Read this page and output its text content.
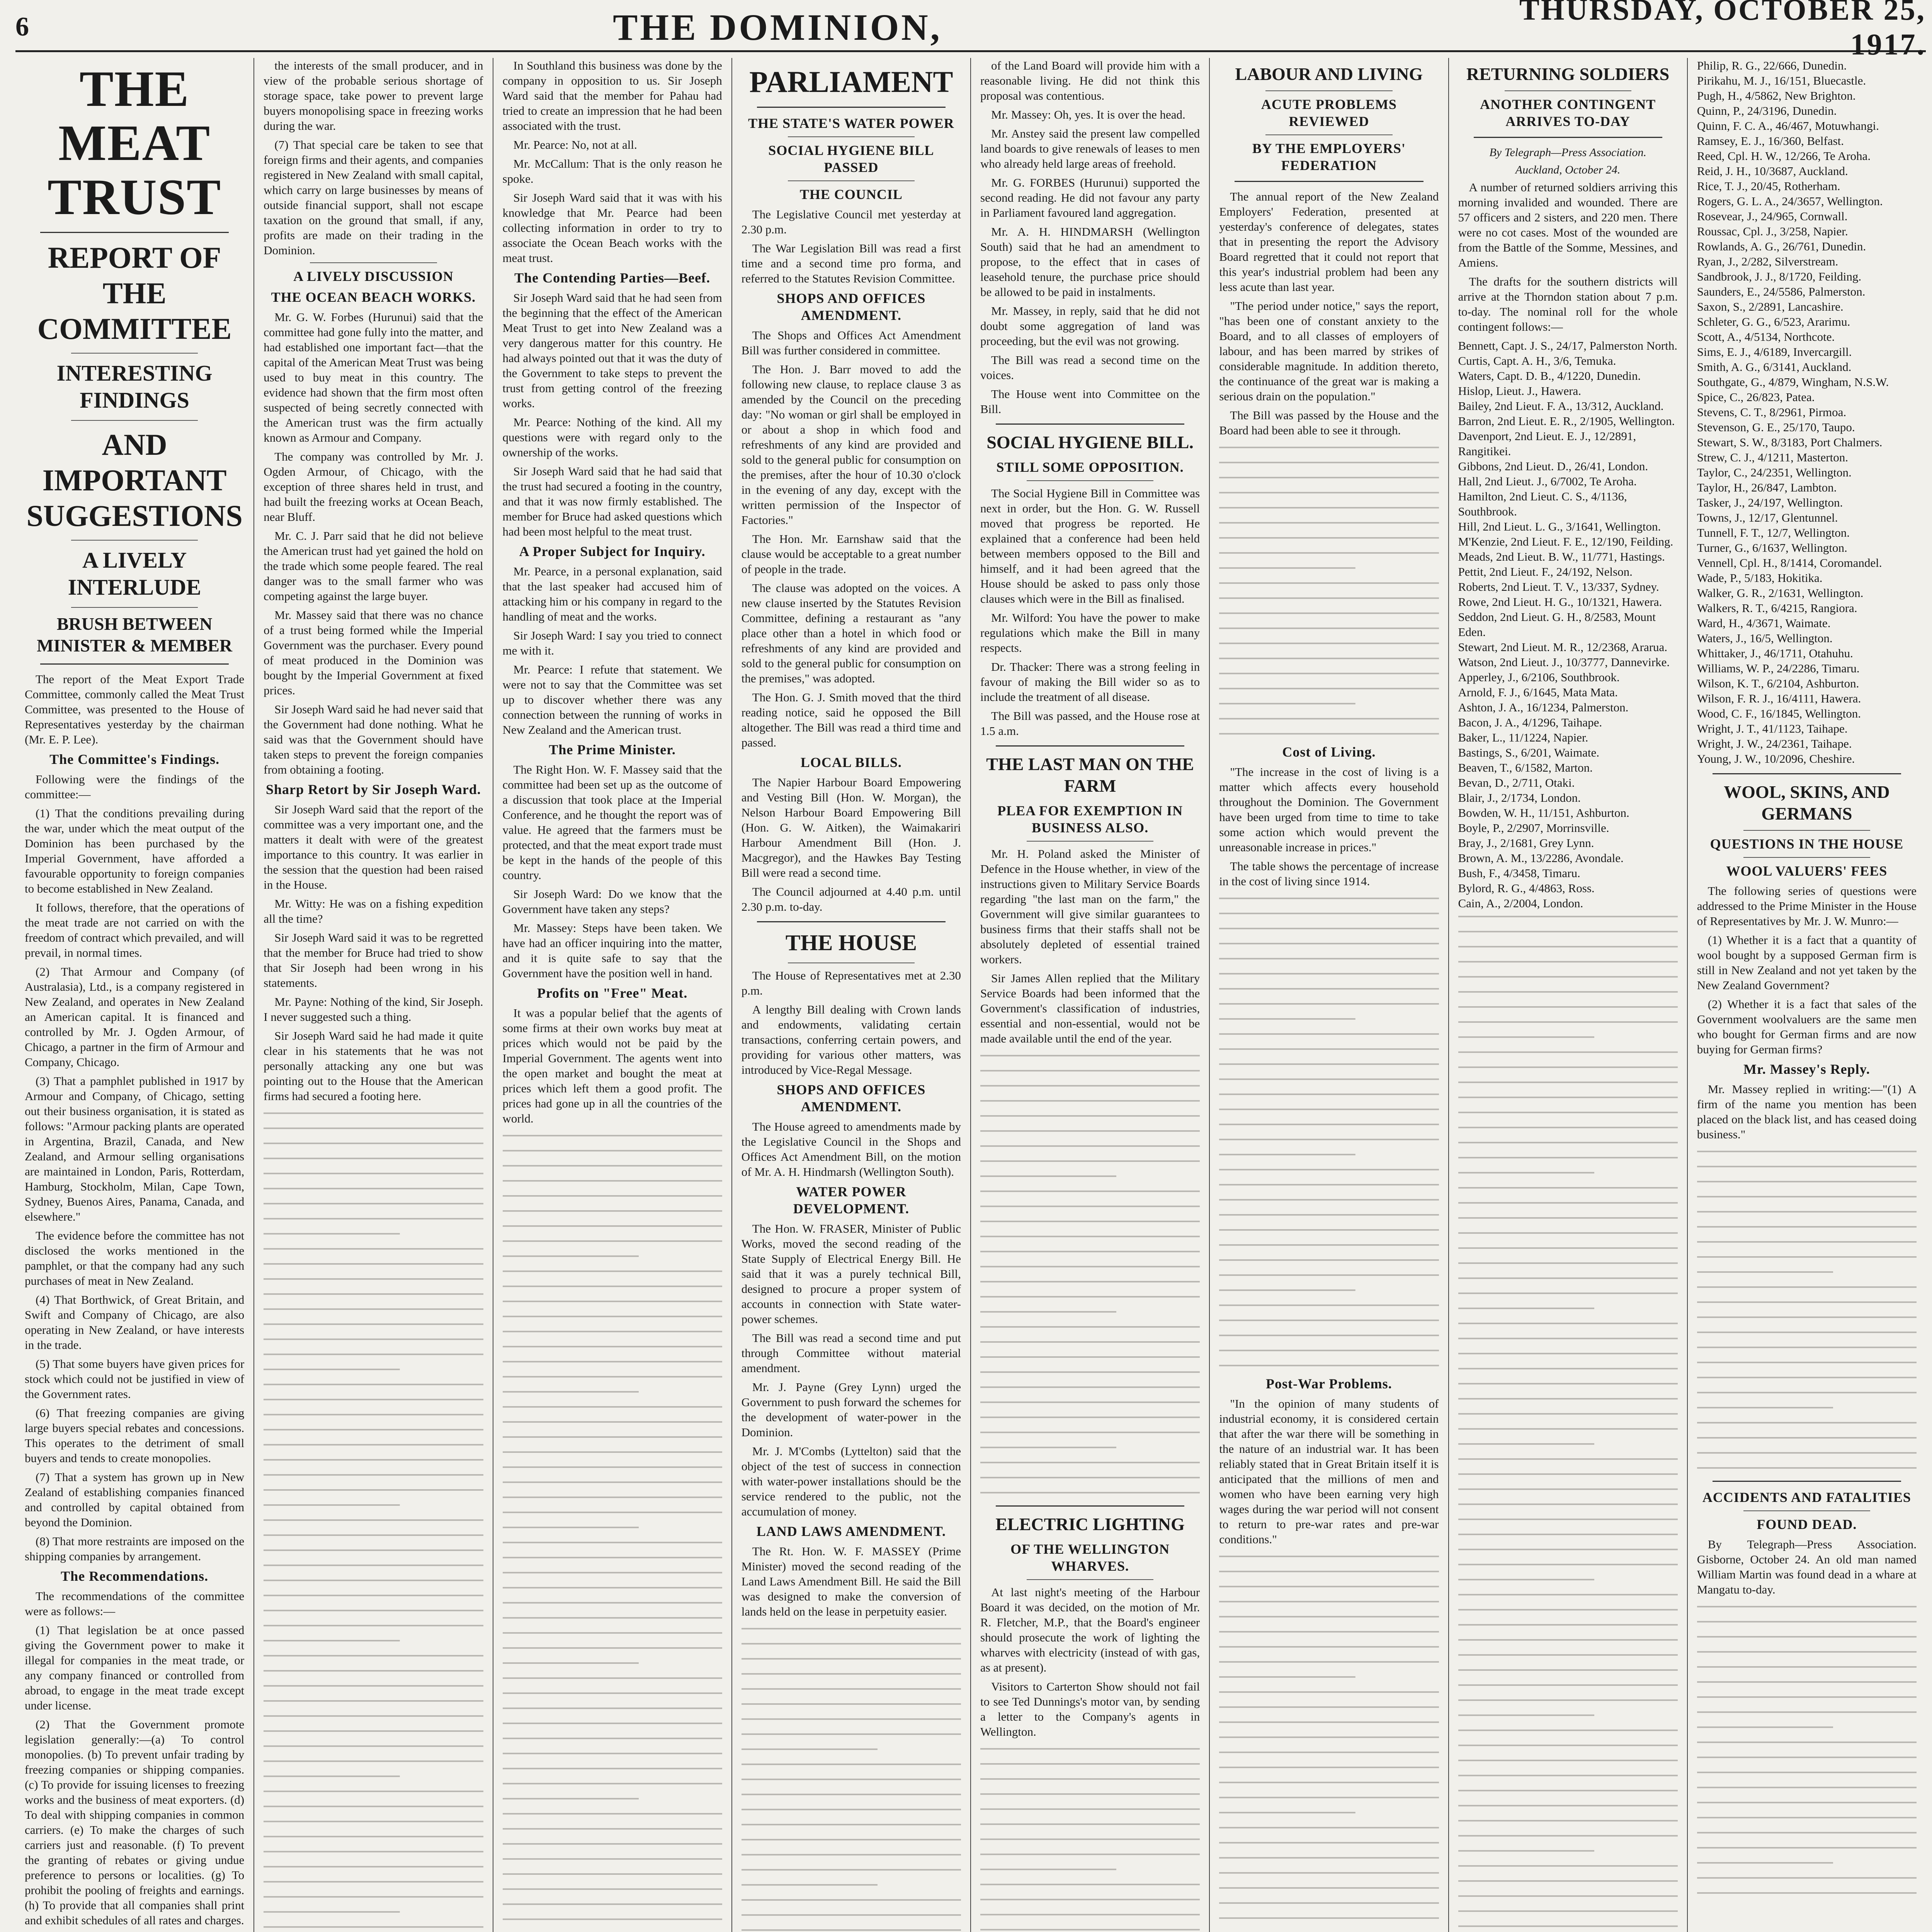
6	THE DOMINION,	THURSDAY, OCTOBER 25, 1917.
THE MEAT TRUST
REPORT OF THE COMMITTEE
INTERESTING FINDINGS
AND IMPORTANT SUGGESTIONS
A LIVELY INTERLUDE
BRUSH BETWEEN MINISTER & MEMBER

The report of the Meat Export Trade Committee, commonly called the Meat Trust Committee, was presented to the House of Representatives yesterday by the chairman (Mr. E. P. Lee).

The Committee's Findings.

Following were the findings of the committee:—

(1) That the conditions prevailing during the war, under which the meat output of the Dominion has been purchased by the Imperial Government, have afforded a favourable opportunity to foreign companies to become established in New Zealand.

It follows, therefore, that the operations of the meat trade are not carried on with the freedom of contract which prevailed, and will prevail, in normal times.

(2) That Armour and Company (of Australasia), Ltd., is a company registered in New Zealand, and operates in New Zealand an American capital. It is financed and controlled by Mr. J. Ogden Armour, of Chicago, a partner in the firm of Armour and Company, Chicago.

(3) That a pamphlet published in 1917 by Armour and Company, of Chicago, setting out their business organisation, it is stated as follows: "Armour packing plants are operated in Argentina, Brazil, Canada, and New Zealand, and Armour selling organisations are maintained in London, Paris, Rotterdam, Hamburg, Stockholm, Milan, Cape Town, Sydney, Buenos Aires, Panama, Canada, and elsewhere."

The evidence before the committee has not disclosed the works mentioned in the pamphlet, or that the company had any such purchases of meat in New Zealand.

(4) That Borthwick, of Great Britain, and Swift and Company of Chicago, are also operating in New Zealand, or have interests in the trade.

(5) That some buyers have given prices for stock which could not be justified in view of the Government rates.

(6) That freezing companies are giving large buyers special rebates and concessions. This operates to the detriment of small buyers and tends to create monopolies.

(7) That a system has grown up in New Zealand of establishing companies financed and controlled by capital obtained from beyond the Dominion.

(8) That more restraints are imposed on the shipping companies by arrangement.

The Recommendations.

The recommendations of the committee were as follows:—

(1) That legislation be at once passed giving the Government power to make it illegal for companies in the meat trade, or any company financed or controlled from abroad, to engage in the meat trade except under license.

(2) That the Government promote legislation generally:—(a) To control monopolies. (b) To prevent unfair trading by freezing companies or shipping companies. (c) To provide for issuing licenses to freezing works and the business of meat exporters. (d) To deal with shipping companies in common carriers. (e) To make the charges of such carriers just and reasonable. (f) To prevent the granting of rebates or giving undue preference to persons or localities. (g) To prohibit the pooling of freights and earnings. (h) To provide that all companies shall print and exhibit schedules of all rates and charges.

the interests of the small producer, and in view of the probable serious shortage of storage space, take power to prevent large buyers monopolising space in freezing works during the war.

(7) That special care be taken to see that foreign firms and their agents, and companies registered in New Zealand with small capital, which carry on large businesses by means of outside financial support, shall not escape taxation on the ground that small, if any, profits are made on their trading in the Dominion.

A LIVELY DISCUSSION
THE OCEAN BEACH WORKS.

Mr. G. W. Forbes (Hurunui) said that the committee had gone fully into the matter, and had established one important fact—that the capital of the American Meat Trust was being used to buy meat in this country. The evidence had shown that the firm most often suspected of being secretly connected with the American trust was the firm actually known as Armour and Company.

The company was controlled by Mr. J. Ogden Armour, of Chicago, with the exception of three shares held in trust, and had built the freezing works at Ocean Beach, near Bluff.

Mr. C. J. Parr said that he did not believe the American trust had yet gained the hold on the trade which some people feared. The real danger was to the small farmer who was competing against the large buyer.

Mr. Massey said that there was no chance of a trust being formed while the Imperial Government was the purchaser. Every pound of meat produced in the Dominion was bought by the Imperial Government at fixed prices.

Sir Joseph Ward said he had never said that the Government had done nothing. What he said was that the Government should have taken steps to prevent the foreign companies from obtaining a footing.

Sharp Retort by Sir Joseph Ward.

Sir Joseph Ward said that the report of the committee was a very important one, and the matters it dealt with were of the greatest importance to this country. It was earlier in the session that the question had been raised in the House.

Mr. Witty: He was on a fishing expedition all the time?

Sir Joseph Ward said it was to be regretted that the member for Bruce had tried to show that Sir Joseph had been wrong in his statements.

Mr. Payne: Nothing of the kind, Sir Joseph. I never suggested such a thing.

Sir Joseph Ward said he had made it quite clear in his statements that he was not personally attacking any one but was pointing out to the House that the American firms had secured a footing here.

In Southland this business was done by the company in opposition to us. Sir Joseph Ward said that the member for Pahau had tried to create an impression that he had been associated with the trust.

Mr. Pearce: No, not at all.

Mr. McCallum: That is the only reason he spoke.

Sir Joseph Ward said that it was with his knowledge that Mr. Pearce had been collecting information in order to try to associate the Ocean Beach works with the meat trust.

The Contending Parties—Beef.

Sir Joseph Ward said that he had seen from the beginning that the effect of the American Meat Trust to get into New Zealand was a very dangerous matter for this country. He had always pointed out that it was the duty of the Government to take steps to prevent the trust from getting control of the freezing works.

Mr. Pearce: Nothing of the kind. All my questions were with regard only to the ownership of the works.

Sir Joseph Ward said that he had said that the trust had secured a footing in the country, and that it was now firmly established. The member for Bruce had asked questions which had been most helpful to the meat trust.

A Proper Subject for Inquiry.

Mr. Pearce, in a personal explanation, said that the last speaker had accused him of attacking him or his company in regard to the handling of meat and the works.

Sir Joseph Ward: I say you tried to connect me with it.

Mr. Pearce: I refute that statement. We were not to say that the Committee was set up to discover whether there was any connection between the running of works in New Zealand and the American trust.

The Prime Minister.

The Right Hon. W. F. Massey said that the committee had been set up as the outcome of a discussion that took place at the Imperial Conference, and he thought the report was of value. He agreed that the farmers must be protected, and that the meat export trade must be kept in the hands of the people of this country.

Sir Joseph Ward: Do we know that the Government have taken any steps?

Mr. Massey: Steps have been taken. We have had an officer inquiring into the matter, and it is quite safe to say that the Government have the position well in hand.

Profits on "Free" Meat.

It was a popular belief that the agents of some firms at their own works buy meat at prices which would not be paid by the Imperial Government. The agents went into the open market and bought the meat at prices which left them a good profit. The prices had gone up in all the countries of the world.

PARLIAMENT
THE STATE'S WATER POWER
SOCIAL HYGIENE BILL PASSED
THE COUNCIL

The Legislative Council met yesterday at 2.30 p.m.

The War Legislation Bill was read a first time and a second time pro forma, and referred to the Statutes Revision Committee.

SHOPS AND OFFICES AMENDMENT.

The Shops and Offices Act Amendment Bill was further considered in committee.

The Hon. J. Barr moved to add the following new clause, to replace clause 3 as amended by the Council on the preceding day: "No woman or girl shall be employed in or about a shop in which food and refreshments of any kind are provided and sold to the general public for consumption on the premises, after the hour of 10.30 o'clock in the evening of any day, except with the written permission of the Inspector of Factories."

The Hon. Mr. Earnshaw said that the clause would be acceptable to a great number of people in the trade.

The clause was adopted on the voices. A new clause inserted by the Statutes Revision Committee, defining a restaurant as "any place other than a hotel in which food or refreshments of any kind are provided and sold to the general public for consumption on the premises," was adopted.

The Hon. G. J. Smith moved that the third reading notice, said he opposed the Bill altogether. The Bill was read a third time and passed.

LOCAL BILLS.

The Napier Harbour Board Empowering and Vesting Bill (Hon. W. Morgan), the Nelson Harbour Board Empowering Bill (Hon. G. W. Aitken), the Waimakariri Harbour Amendment Bill (Hon. J. Macgregor), and the Hawkes Bay Testing Bill were read a second time.

The Council adjourned at 4.40 p.m. until 2.30 p.m. to-day.

THE HOUSE

The House of Representatives met at 2.30 p.m.

A lengthy Bill dealing with Crown lands and endowments, validating certain transactions, conferring certain powers, and providing for various other matters, was introduced by Vice-Regal Message.

SHOPS AND OFFICES AMENDMENT.

The House agreed to amendments made by the Legislative Council in the Shops and Offices Act Amendment Bill, on the motion of Mr. A. H. Hindmarsh (Wellington South).

WATER POWER DEVELOPMENT.

The Hon. W. FRASER, Minister of Public Works, moved the second reading of the State Supply of Electrical Energy Bill. He said that it was a purely technical Bill, designed to procure a proper system of accounts in connection with State water-power schemes.

The Bill was read a second time and put through Committee without material amendment.

Mr. J. Payne (Grey Lynn) urged the Government to push forward the schemes for the development of water-power in the Dominion.

Mr. J. M'Combs (Lyttelton) said that the object of the test of success in connection with water-power installations should be the service rendered to the public, not the accumulation of money.

LAND LAWS AMENDMENT.

The Rt. Hon. W. F. MASSEY (Prime Minister) moved the second reading of the Land Laws Amendment Bill. He said the Bill was designed to make the conversion of lands held on the lease in perpetuity easier.

of the Land Board will provide him with a reasonable living. He did not think this proposal was contentious.

Mr. Massey: Oh, yes. It is over the head.

Mr. Anstey said the present law compelled land boards to give renewals of leases to men who already held large areas of freehold.

Mr. G. FORBES (Hurunui) supported the second reading. He did not favour any party in Parliament favoured land aggregation.

Mr. A. H. HINDMARSH (Wellington South) said that he had an amendment to propose, to the effect that in cases of leasehold tenure, the purchase price should be allowed to be paid in instalments.

Mr. Massey, in reply, said that he did not doubt some aggregation of land was proceeding, but the evil was not growing.

The Bill was read a second time on the voices.

The House went into Committee on the Bill.

SOCIAL HYGIENE BILL.
STILL SOME OPPOSITION.

The Social Hygiene Bill in Committee was next in order, but the Hon. G. W. Russell moved that progress be reported. He explained that a conference had been held between members opposed to the Bill and himself, and it had been agreed that the House should be asked to pass only those clauses which were in the Bill as finalised.

Mr. Wilford: You have the power to make regulations which make the Bill in many respects.

Dr. Thacker: There was a strong feeling in favour of making the Bill wider so as to include the treatment of all disease.

The Bill was passed, and the House rose at 1.5 a.m.

THE LAST MAN ON THE FARM
PLEA FOR EXEMPTION IN BUSINESS ALSO.

Mr. H. Poland asked the Minister of Defence in the House whether, in view of the instructions given to Military Service Boards regarding "the last man on the farm," the Government will give similar guarantees to business firms that their staffs shall not be absolutely depleted of essential trained workers.

Sir James Allen replied that the Military Service Boards had been informed that the Government's classification of industries, essential and non-essential, would not be made available until the end of the year.

ELECTRIC LIGHTING
OF THE WELLINGTON WHARVES.

At last night's meeting of the Harbour Board it was decided, on the motion of Mr. R. Fletcher, M.P., that the Board's engineer should prosecute the work of lighting the wharves with electricity (instead of with gas, as at present).

Visitors to Carterton Show should not fail to see Ted Dunnings's motor van, by sending a letter to the Company's agents in Wellington.

LABOUR AND LIVING
ACUTE PROBLEMS REVIEWED
BY THE EMPLOYERS' FEDERATION

The annual report of the New Zealand Employers' Federation, presented at yesterday's conference of delegates, states that in presenting the report the Advisory Board regretted that it could not report that this year's industrial problem had been any less acute than last year.

"The period under notice," says the report, "has been one of constant anxiety to the Board, and to all classes of employers of labour, and has been marred by strikes of considerable magnitude. In addition thereto, the continuance of the great war is making a serious drain on the population."

The Bill was passed by the House and the Board had been able to see it through.

Cost of Living.

"The increase in the cost of living is a matter which affects every household throughout the Dominion. The Government have been urged from time to time to take some action which would prevent the unreasonable increase in prices."

The table shows the percentage of increase in the cost of living since 1914.

Post-War Problems.

"In the opinion of many students of industrial economy, it is considered certain that after the war there will be something in the nature of an industrial war. It has been reliably stated that in Great Britain itself it is anticipated that the millions of men and women who have been earning very high wages during the war period will not consent to return to pre-war rates and pre-war conditions."

RETURNING SOLDIERS
ANOTHER CONTINGENT ARRIVES TO-DAY
By Telegraph—Press Association.
Auckland, October 24.

A number of returned soldiers arriving this morning invalided and wounded. There are 57 officers and 2 sisters, and 220 men. There were no cot cases. Most of the wounded are from the Battle of the Somme, Messines, and Amiens.

The drafts for the southern districts will arrive at the Thorndon station about 7 p.m. to-day. The nominal roll for the whole contingent follows:—

Bennett, Capt. J. S., 24/17, Palmerston North.

Curtis, Capt. A. H., 3/6, Temuka.

Waters, Capt. D. B., 4/1220, Dunedin.

Hislop, Lieut. J., Hawera.

Bailey, 2nd Lieut. F. A., 13/312, Auckland.

Barron, 2nd Lieut. E. R., 2/1905, Wellington.

Davenport, 2nd Lieut. E. J., 12/2891, Rangitikei.

Gibbons, 2nd Lieut. D., 26/41, London.

Hall, 2nd Lieut. J., 6/7002, Te Aroha.

Hamilton, 2nd Lieut. C. S., 4/1136, Southbrook.

Hill, 2nd Lieut. L. G., 3/1641, Wellington.

M'Kenzie, 2nd Lieut. F. E., 12/190, Feilding.

Meads, 2nd Lieut. B. W., 11/771, Hastings.

Pettit, 2nd Lieut. F., 24/192, Nelson.

Roberts, 2nd Lieut. T. V., 13/337, Sydney.

Rowe, 2nd Lieut. H. G., 10/1321, Hawera.

Seddon, 2nd Lieut. G. H., 8/2583, Mount Eden.

Stewart, 2nd Lieut. M. R., 12/2368, Ararua.

Watson, 2nd Lieut. J., 10/3777, Dannevirke.

Apperley, J., 6/2106, Southbrook.

Arnold, F. J., 6/1645, Mata Mata.

Ashton, J. A., 16/1234, Palmerston.

Bacon, J. A., 4/1296, Taihape.

Baker, L., 11/1224, Napier.

Bastings, S., 6/201, Waimate.

Beaven, T., 6/1582, Marton.

Bevan, D., 2/711, Otaki.

Blair, J., 2/1734, London.

Bowden, W. H., 11/151, Ashburton.

Boyle, P., 2/2907, Morrinsville.

Bray, J., 2/1681, Grey Lynn.

Brown, A. M., 13/2286, Avondale.

Bush, F., 4/3458, Timaru.

Bylord, R. G., 4/4863, Ross.

Cain, A., 2/2004, London.

Philip, R. G., 22/666, Dunedin.

Pirikahu, M. J., 16/151, Bluecastle.

Pugh, H., 4/5862, New Brighton.

Quinn, P., 24/3196, Dunedin.

Quinn, F. C. A., 46/467, Motuwhangi.

Ramsey, E. J., 16/360, Belfast.

Reed, Cpl. H. W., 12/266, Te Aroha.

Reid, J. H., 10/3687, Auckland.

Rice, T. J., 20/45, Rotherham.

Rogers, G. L. A., 24/3657, Wellington.

Rosevear, J., 24/965, Cornwall.

Roussac, Cpl. J., 3/258, Napier.

Rowlands, A. G., 26/761, Dunedin.

Ryan, J., 2/282, Silverstream.

Sandbrook, J. J., 8/1720, Feilding.

Saunders, E., 24/5586, Palmerston.

Saxon, S., 2/2891, Lancashire.

Schleter, G. G., 6/523, Ararimu.

Scott, A., 4/5134, Northcote.

Sims, E. J., 4/6189, Invercargill.

Smith, A. G., 6/3141, Auckland.

Southgate, G., 4/879, Wingham, N.S.W.

Spice, C., 26/823, Patea.

Stevens, C. T., 8/2961, Pirmoa.

Stevenson, G. E., 25/170, Taupo.

Stewart, S. W., 8/3183, Port Chalmers.

Strew, C. J., 4/1211, Masterton.

Taylor, C., 24/2351, Wellington.

Taylor, H., 26/847, Lambton.

Tasker, J., 24/197, Wellington.

Towns, J., 12/17, Glentunnel.

Tunnell, F. T., 12/7, Wellington.

Turner, G., 6/1637, Wellington.

Vennell, Cpl. H., 8/1414, Coromandel.

Wade, P., 5/183, Hokitika.

Walker, G. R., 2/1631, Wellington.

Walkers, R. T., 6/4215, Rangiora.

Ward, H., 4/3671, Waimate.

Waters, J., 16/5, Wellington.

Whittaker, J., 46/1711, Otahuhu.

Williams, W. P., 24/2286, Timaru.

Wilson, K. T., 6/2104, Ashburton.

Wilson, F. R. J., 16/4111, Hawera.

Wood, C. F., 16/1845, Wellington.

Wright, J. T., 41/1123, Taihape.

Wright, J. W., 24/2361, Taihape.

Young, J. W., 10/2096, Cheshire.

WOOL, SKINS, AND GERMANS
QUESTIONS IN THE HOUSE
WOOL VALUERS' FEES

The following series of questions were addressed to the Prime Minister in the House of Representatives by Mr. J. W. Munro:—

(1) Whether it is a fact that a quantity of wool bought by a supposed German firm is still in New Zealand and not yet taken by the New Zealand Government?

(2) Whether it is a fact that sales of the Government woolvaluers are the same men who bought for German firms and are now buying for German firms?

Mr. Massey's Reply.

Mr. Massey replied in writing:—"(1) A firm of the name you mention has been placed on the black list, and has ceased doing business."

ACCIDENTS AND FATALITIES
FOUND DEAD.

By Telegraph—Press Association. Gisborne, October 24. An old man named William Martin was found dead in a whare at Mangatu to-day.
